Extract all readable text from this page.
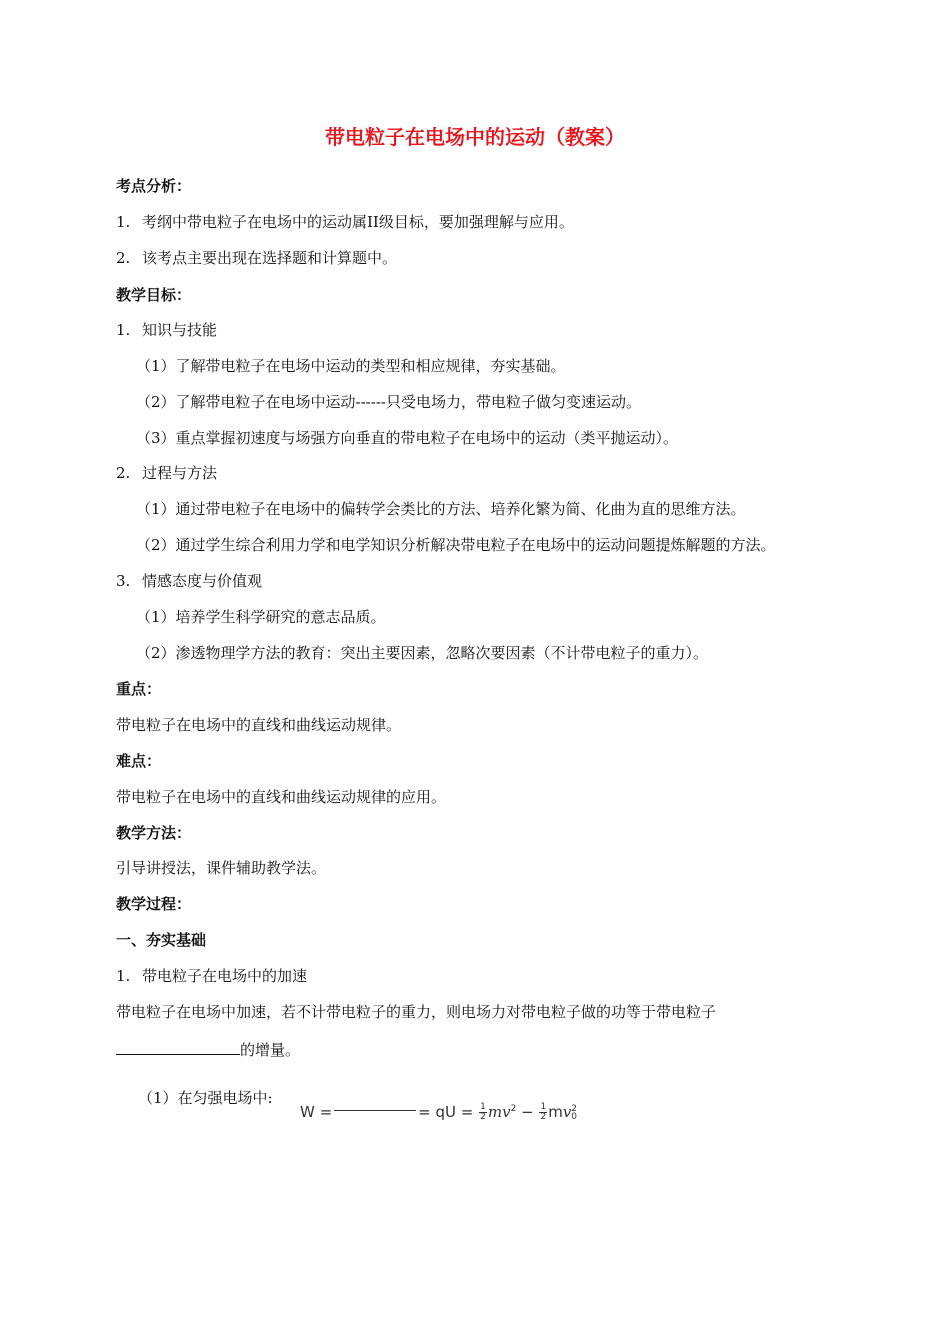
带电粒子在电场中的运动（教案）
考点分析：
1. 考纲中带电粒子在电场中的运动属II级目标，要加强理解与应用。
2. 该考点主要出现在选择题和计算题中。
教学目标：
1. 知识与技能
（1）了解带电粒子在电场中运动的类型和相应规律，夯实基础。
（2）了解带电粒子在电场中运动------只受电场力，带电粒子做匀变速运动。
（3）重点掌握初速度与场强方向垂直的带电粒子在电场中的运动（类平抛运动）。
2. 过程与方法
（1）通过带电粒子在电场中的偏转学会类比的方法、培养化繁为简、化曲为直的思维方法。
（2）通过学生综合利用力学和电学知识分析解决带电粒子在电场中的运动问题提炼解题的方法。
3. 情感态度与价值观
（1）培养学生科学研究的意志品质。
（2）渗透物理学方法的教育：突出主要因素，忽略次要因素（不计带电粒子的重力）。
重点：
带电粒子在电场中的直线和曲线运动规律。
难点：
带电粒子在电场中的直线和曲线运动规律的应用。
教学方法：
引导讲授法，课件辅助教学法。
教学过程：
一、夯实基础
1. 带电粒子在电场中的加速
带电粒子在电场中加速，若不计带电粒子的重力，则电场力对带电粒子做的功等于带电粒子
的增量。
（1）在匀强电场中:
W =	= qU = $\frac{1}{2} mv^2 - \frac{1}{2}$ mv 2
0
